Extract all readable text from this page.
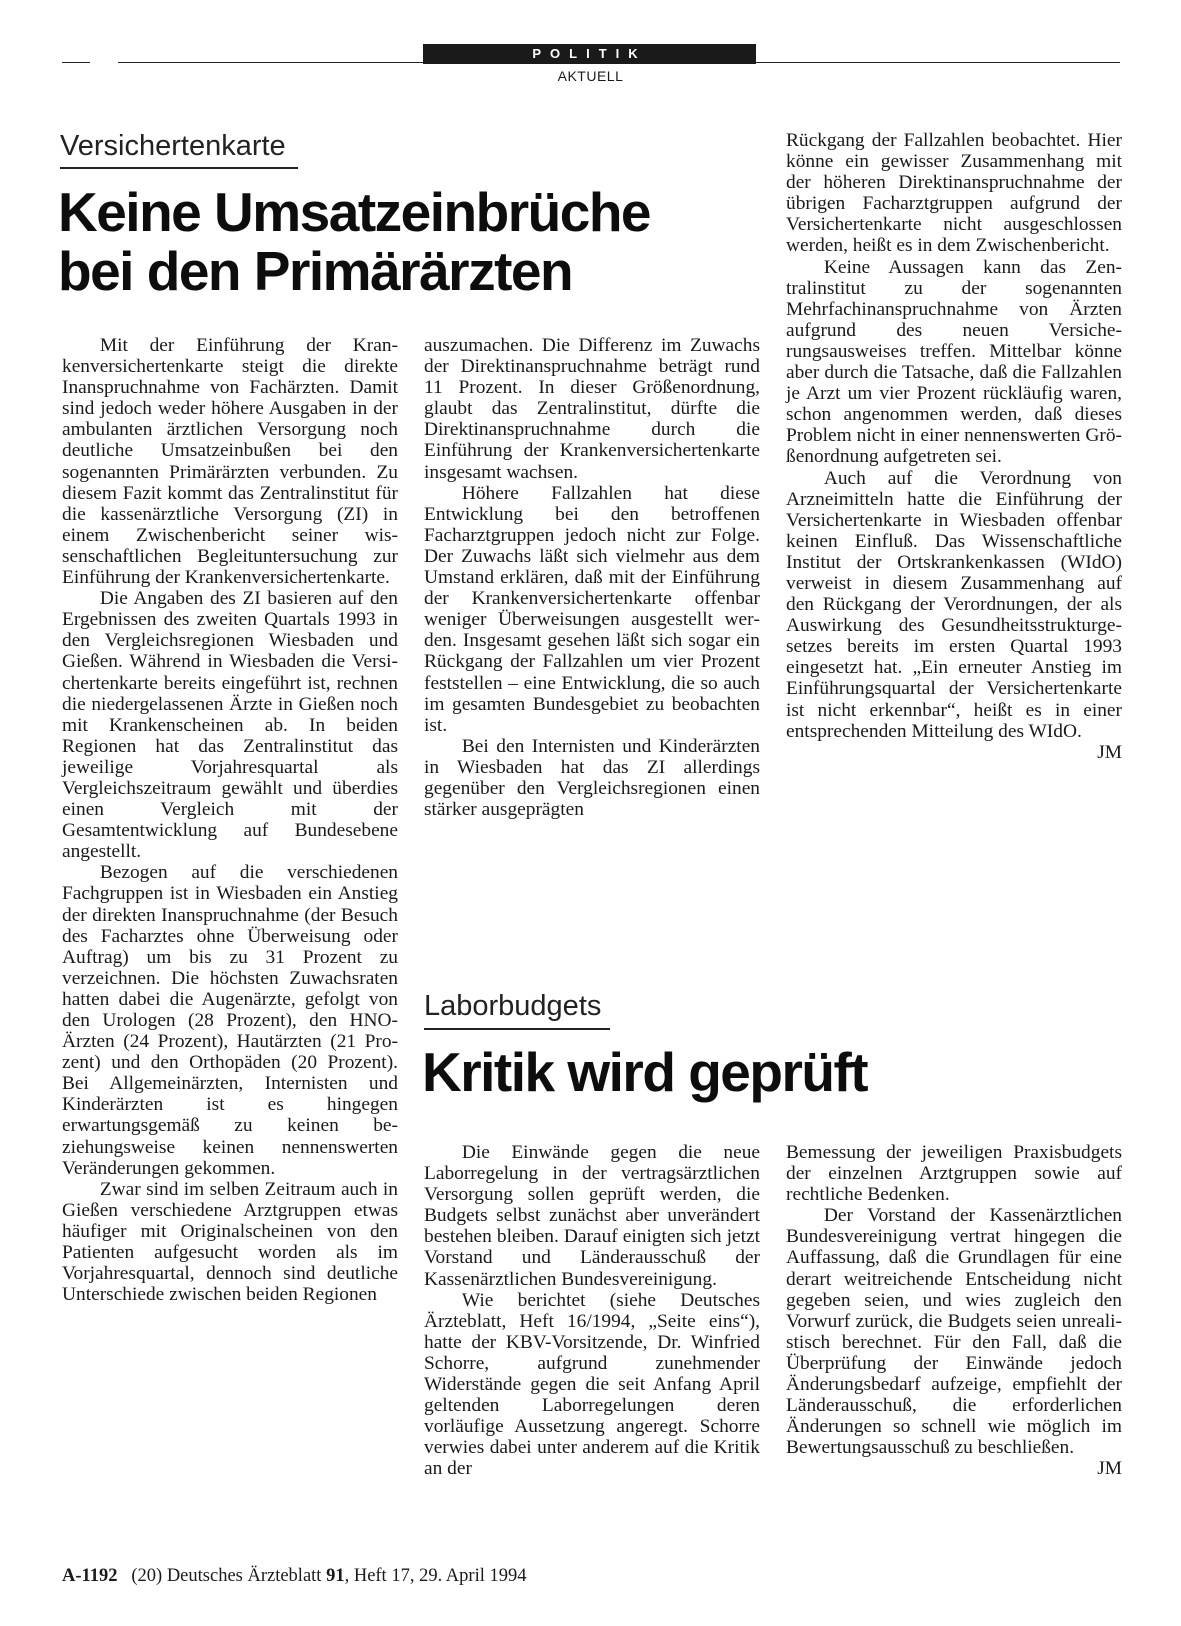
POLITIK
AKTUELL
Versichertenkarte
Keine Umsatzeinbrüche
bei den Primärärzten

Mit der Einführung der Krankenversichertenkarte steigt die direkte Inanspruchnahme von Fachärzten. Damit sind jedoch weder höhere Ausgaben in der ambulanten ärztlichen Versorgung noch deutliche Umsatzeinbußen bei den sogenannten Primärärzten verbunden. Zu diesem Fazit kommt das Zentralinstitut für die kassenärztliche Versorgung (ZI) in einem Zwischenbericht seiner wissenschaftlichen Begleituntersuchung zur Einführung der Krankenversichertenkarte.

Die Angaben des ZI basieren auf den Ergebnissen des zweiten Quartals 1993 in den Vergleichsregionen Wiesbaden und Gießen. Während in Wiesbaden die Versichertenkarte bereits eingeführt ist, rechnen die niedergelassenen Ärzte in Gießen noch mit Krankenscheinen ab. In beiden Regionen hat das Zentralinstitut das jeweilige Vorjahresquartal als Vergleichszeitraum gewählt und überdies einen Vergleich mit der Gesamtentwicklung auf Bundesebene angestellt.

Bezogen auf die verschiedenen Fachgruppen ist in Wiesbaden ein Anstieg der direkten Inanspruchnahme (der Besuch des Facharztes ohne Überweisung oder Auftrag) um bis zu 31 Prozent zu verzeichnen. Die höchsten Zuwachsraten hatten dabei die Augenärzte, gefolgt von den Urologen (28 Prozent), den HNO-Ärzten (24 Prozent), Hautärzten (21 Prozent) und den Orthopäden (20 Prozent). Bei Allgemeinärzten, Internisten und Kinderärzten ist es hingegen erwartungsgemäß zu keinen beziehungsweise keinen nennenswerten Veränderungen gekommen.

Zwar sind im selben Zeitraum auch in Gießen verschiedene Arztgruppen etwas häufiger mit Originalscheinen von den Patienten aufgesucht worden als im Vorjahresquartal, dennoch sind deutliche Unterschiede zwischen beiden Regionen

auszumachen. Die Differenz im Zuwachs der Direktinanspruchnahme beträgt rund 11 Prozent. In dieser Größenordnung, glaubt das Zentralinstitut, dürfte die Direktinanspruchnahme durch die Einführung der Krankenversichertenkarte insgesamt wachsen.

Höhere Fallzahlen hat diese Entwicklung bei den betroffenen Facharztgruppen jedoch nicht zur Folge. Der Zuwachs läßt sich vielmehr aus dem Umstand erklären, daß mit der Einführung der Krankenversichertenkarte offenbar weniger Überweisungen ausgestellt werden. Insgesamt gesehen läßt sich sogar ein Rückgang der Fallzahlen um vier Prozent feststellen – eine Entwicklung, die so auch im gesamten Bundesgebiet zu beobachten ist.

Bei den Internisten und Kinderärzten in Wiesbaden hat das ZI allerdings gegenüber den Vergleichsregionen einen stärker ausgeprägten

Rückgang der Fallzahlen beobachtet. Hier könne ein gewisser Zusammenhang mit der höheren Direktinanspruchnahme der übrigen Facharztgruppen aufgrund der Versichertenkarte nicht ausgeschlossen werden, heißt es in dem Zwischenbericht.

Keine Aussagen kann das Zentralinstitut zu der sogenannten Mehrfachinanspruchnahme von Ärzten aufgrund des neuen Versicherungsausweises treffen. Mittelbar könne aber durch die Tatsache, daß die Fallzahlen je Arzt um vier Prozent rückläufig waren, schon angenommen werden, daß dieses Problem nicht in einer nennenswerten Größenordnung aufgetreten sei.

Auch auf die Verordnung von Arzneimitteln hatte die Einführung der Versichertenkarte in Wiesbaden offenbar keinen Einfluß. Das Wissenschaftliche Institut der Ortskrankenkassen (WIdO) verweist in diesem Zusammenhang auf den Rückgang der Verordnungen, der als Auswirkung des Gesundheitsstrukturgesetzes bereits im ersten Quartal 1993 eingesetzt hat. „Ein erneuter Anstieg im Einführungsquartal der Versichertenkarte ist nicht erkennbar“, heißt es in einer entsprechenden Mitteilung des WIdO.
JM

Laborbudgets
Kritik wird geprüft

Die Einwände gegen die neue Laborregelung in der vertragsärztlichen Versorgung sollen geprüft werden, die Budgets selbst zunächst aber unverändert bestehen bleiben. Darauf einigten sich jetzt Vorstand und Länderausschuß der Kassenärztlichen Bundesvereinigung.

Wie berichtet (siehe Deutsches Ärzteblatt, Heft 16/1994, „Seite eins“), hatte der KBV-Vorsitzende, Dr. Winfried Schorre, aufgrund zunehmender Widerstände gegen die seit Anfang April geltenden Laborregelungen deren vorläufige Aussetzung angeregt. Schorre verwies dabei unter anderem auf die Kritik an der

Bemessung der jeweiligen Praxisbudgets der einzelnen Arztgruppen sowie auf rechtliche Bedenken.

Der Vorstand der Kassenärztlichen Bundesvereinigung vertrat hingegen die Auffassung, daß die Grundlagen für eine derart weitreichende Entscheidung nicht gegeben seien, und wies zugleich den Vorwurf zurück, die Budgets seien unrealistisch berechnet. Für den Fall, daß die Überprüfung der Einwände jedoch Änderungsbedarf aufzeige, empfiehlt der Länderausschuß, die erforderlichen Änderungen so schnell wie möglich im Bewertungsausschuß zu beschließen.
JM

A-1192 (20) Deutsches Ärzteblatt 91, Heft 17, 29. April 1994
